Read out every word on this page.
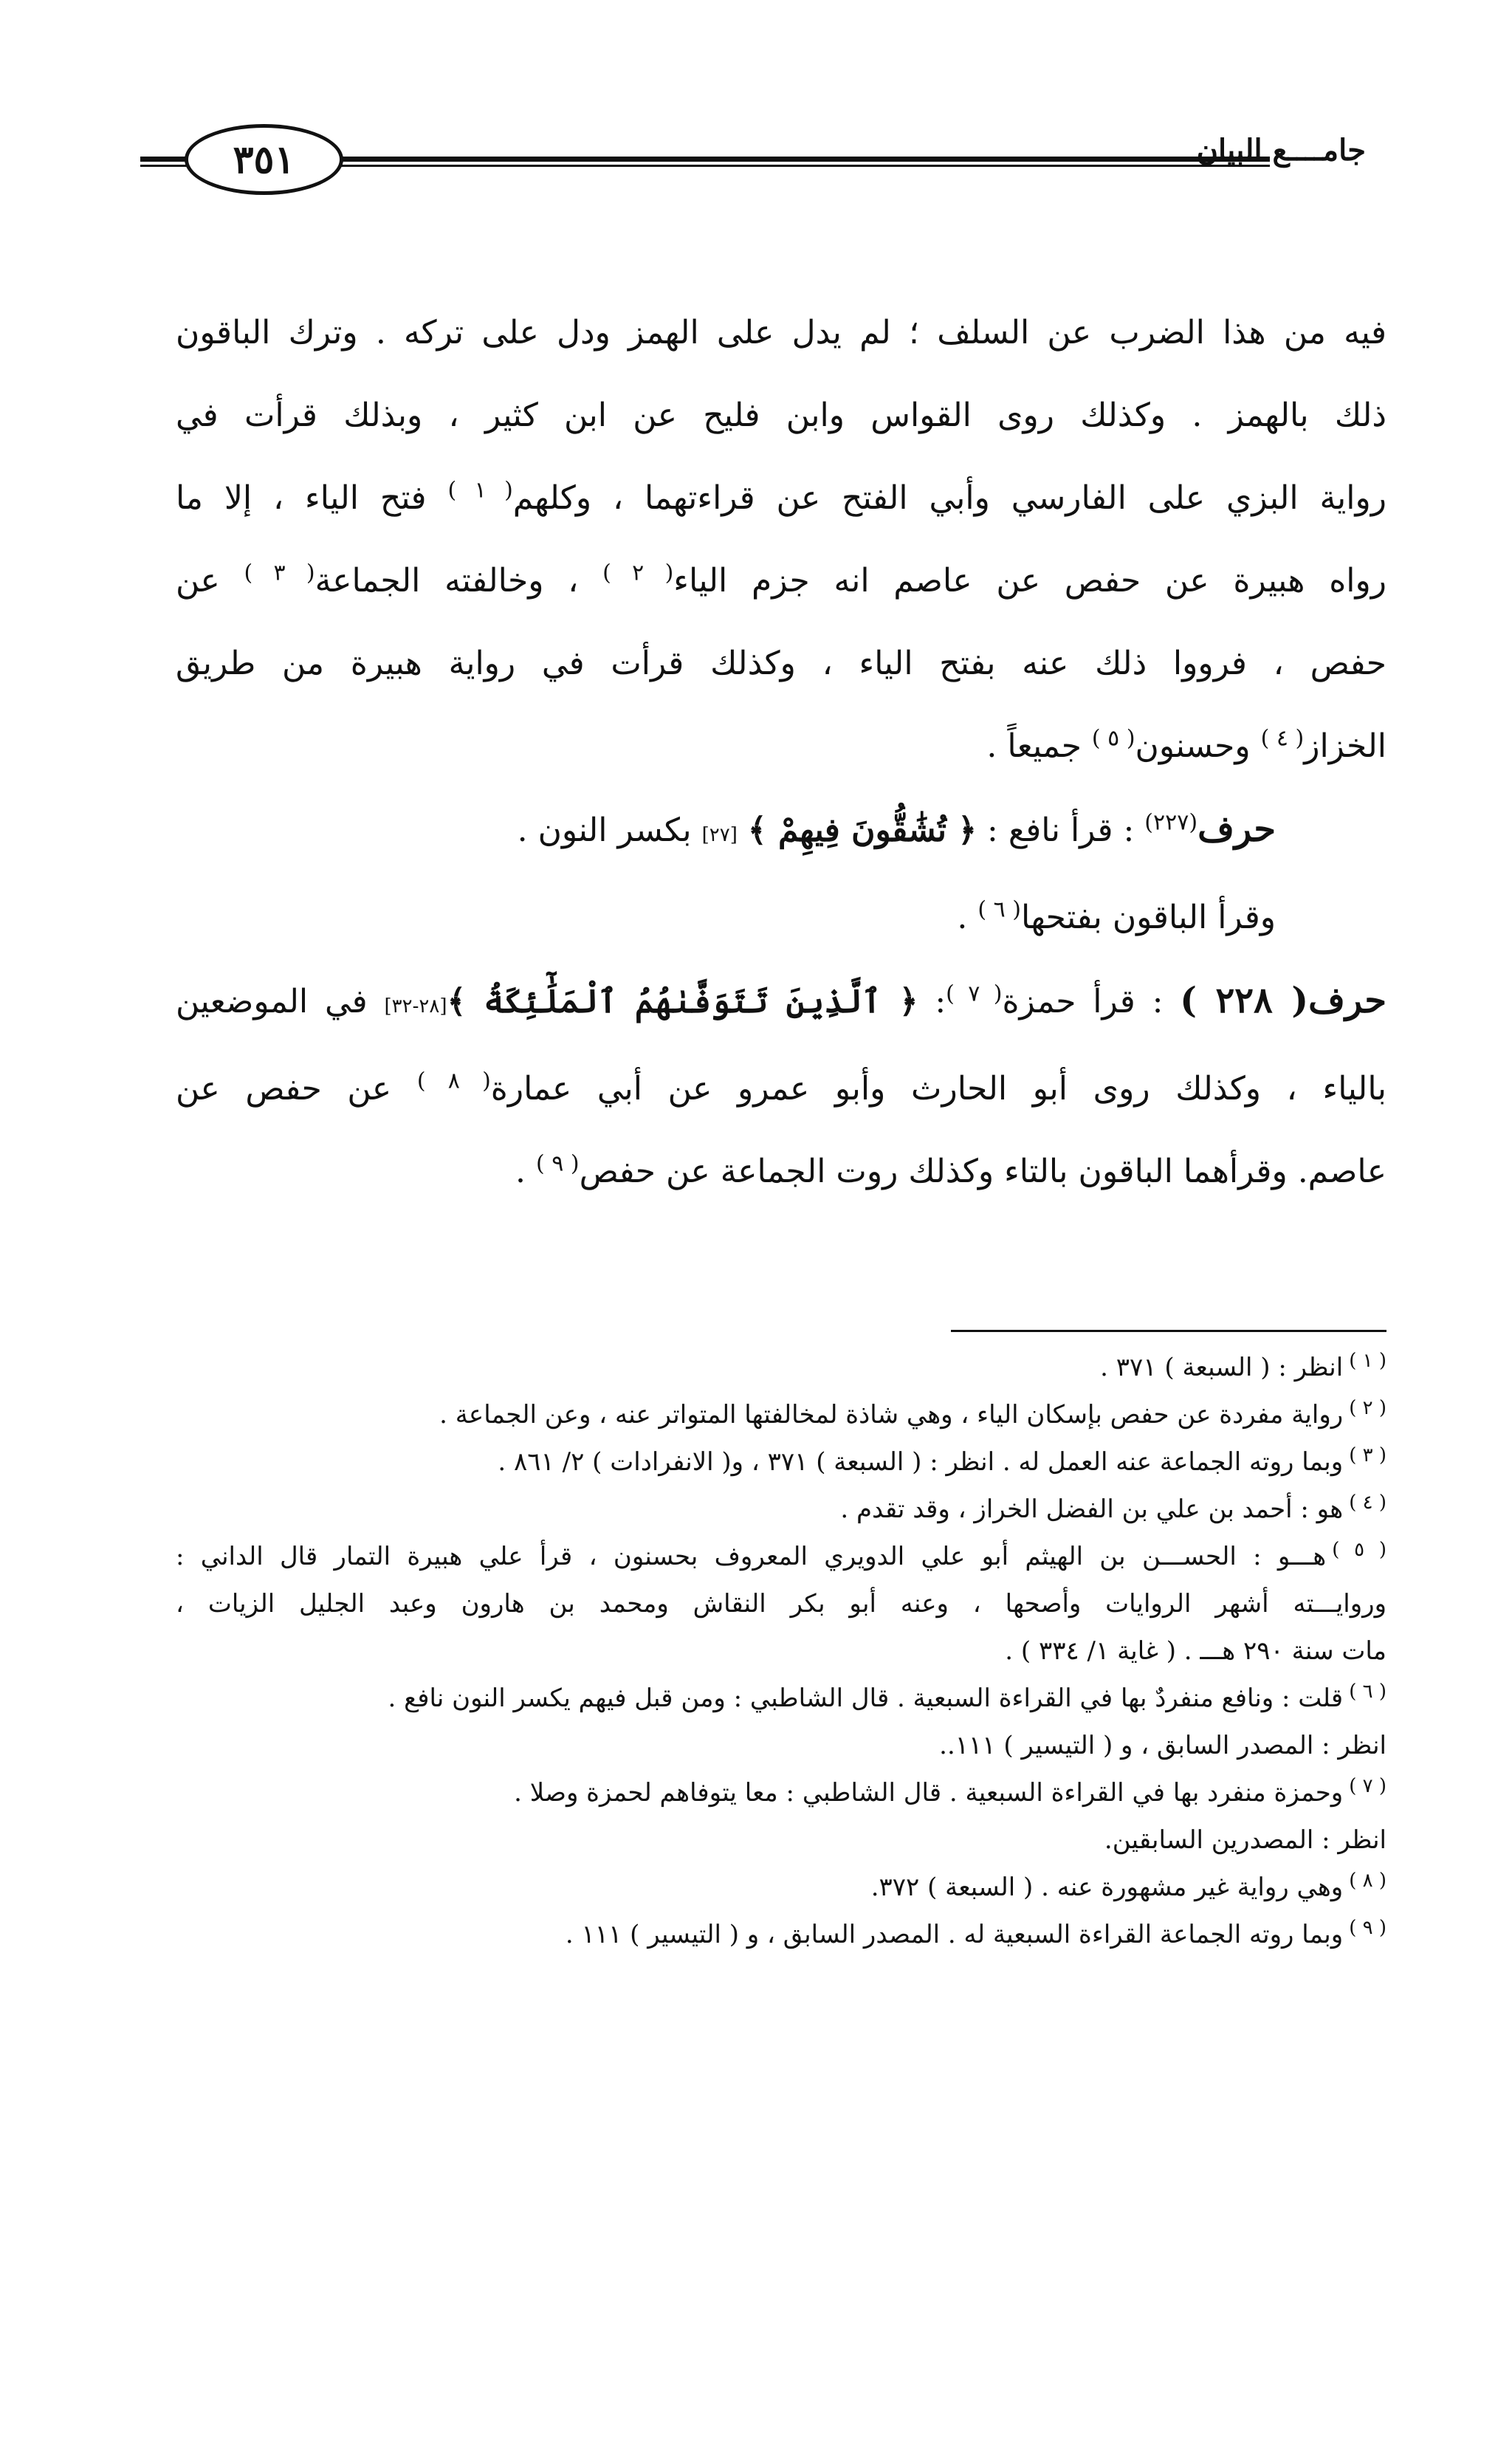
٣٥١	جامــــع البيان
فيه من هذا الضرب عن السلف ؛ لم يدل على الهمز ودل على تركه . وترك الباقون
ذلك بالهمز . وكذلك روى القواس وابن فليح عن ابن كثير ، وبذلك قرأت في
رواية البزي على الفارسي وأبي الفتح عن قراءتهما ، وكلهم$^{( ١ )}$ فتح الياء ، إلا ما
رواه هبيرة عن حفص عن عاصم انه جزم الياء$^{( ٢ )}$ ، وخالفته الجماعة$^{( ٣ )}$ عن
حفص ، فرووا ذلك عنه بفتح الياء ، وكذلك قرأت في رواية هبيرة من طريق
الخزاز$^{( ٤ )}$ وحسنون$^{( ٥ )}$ جميعاً .
حرف$^{(٢٢٧)}$ : قرأ نافع : ﴿ تُشَٰقُّونَ فِيهِمْ ﴾ [٢٧] بكسر النون .
وقرأ الباقون بفتحها$^{( ٦ )}$ .
حرف( ٢٢٨ ) : قرأ حمزة$^{( ٧ )}$: ﴿ ٱلَّذِينَ تَتَوَفَّىٰهُمُ ٱلْمَلَٰٓئِكَةُ ﴾[٢٨-٣٢] في الموضعين
بالياء ، وكذلك روى أبو الحارث وأبو عمرو عن أبي عمارة$^{( ٨ )}$ عن حفص عن
عاصم. وقرأهما الباقون بالتاء وكذلك روت الجماعة عن حفص$^{( ٩ )}$ .

$^{( ١ )}$انظر : ( السبعة ) ٣٧١ .

$^{( ٢ )}$رواية مفردة عن حفص بإسكان الياء ، وهي شاذة لمخالفتها المتواتر عنه ، وعن الجماعة .

$^{( ٣ )}$وبما روته الجماعة عنه العمل له . انظر : ( السبعة ) ٣٧١ ، و( الانفرادات ) ٢/ ٨٦١ .

$^{( ٤ )}$هو : أحمد بن علي بن الفضل الخراز ، وقد تقدم .

$^{( ٥ )}$هـــو : الحســـن بن الهيثم أبو علي الدويري المعروف بحسنون ، قرأ علي هبيرة التمار قال الداني :
وروايـــته أشهر الروايات وأصحها ، وعنه أبو بكر النقاش ومحمد بن هارون وعبد الجليل الزيات ،
مات سنة ٢٩٠ هـــ . ( غاية ١/ ٣٣٤ ) .
$^{( ٦ )}$قلت : ونافع منفردٌ بها في القراءة السبعية . قال الشاطبي : ومن قبل فيهم يكسر النون نافع .
انظر : المصدر السابق ، و ( التيسير ) ١١١..
$^{( ٧ )}$وحمزة منفرد بها في القراءة السبعية . قال الشاطبي : معا يتوفاهم لحمزة وصلا .
انظر : المصدرين السابقين.

$^{( ٨ )}$وهي رواية غير مشهورة عنه . ( السبعة ) ٣٧٢.

$^{( ٩ )}$وبما روته الجماعة القراءة السبعية له . المصدر السابق ، و ( التيسير ) ١١١ .
